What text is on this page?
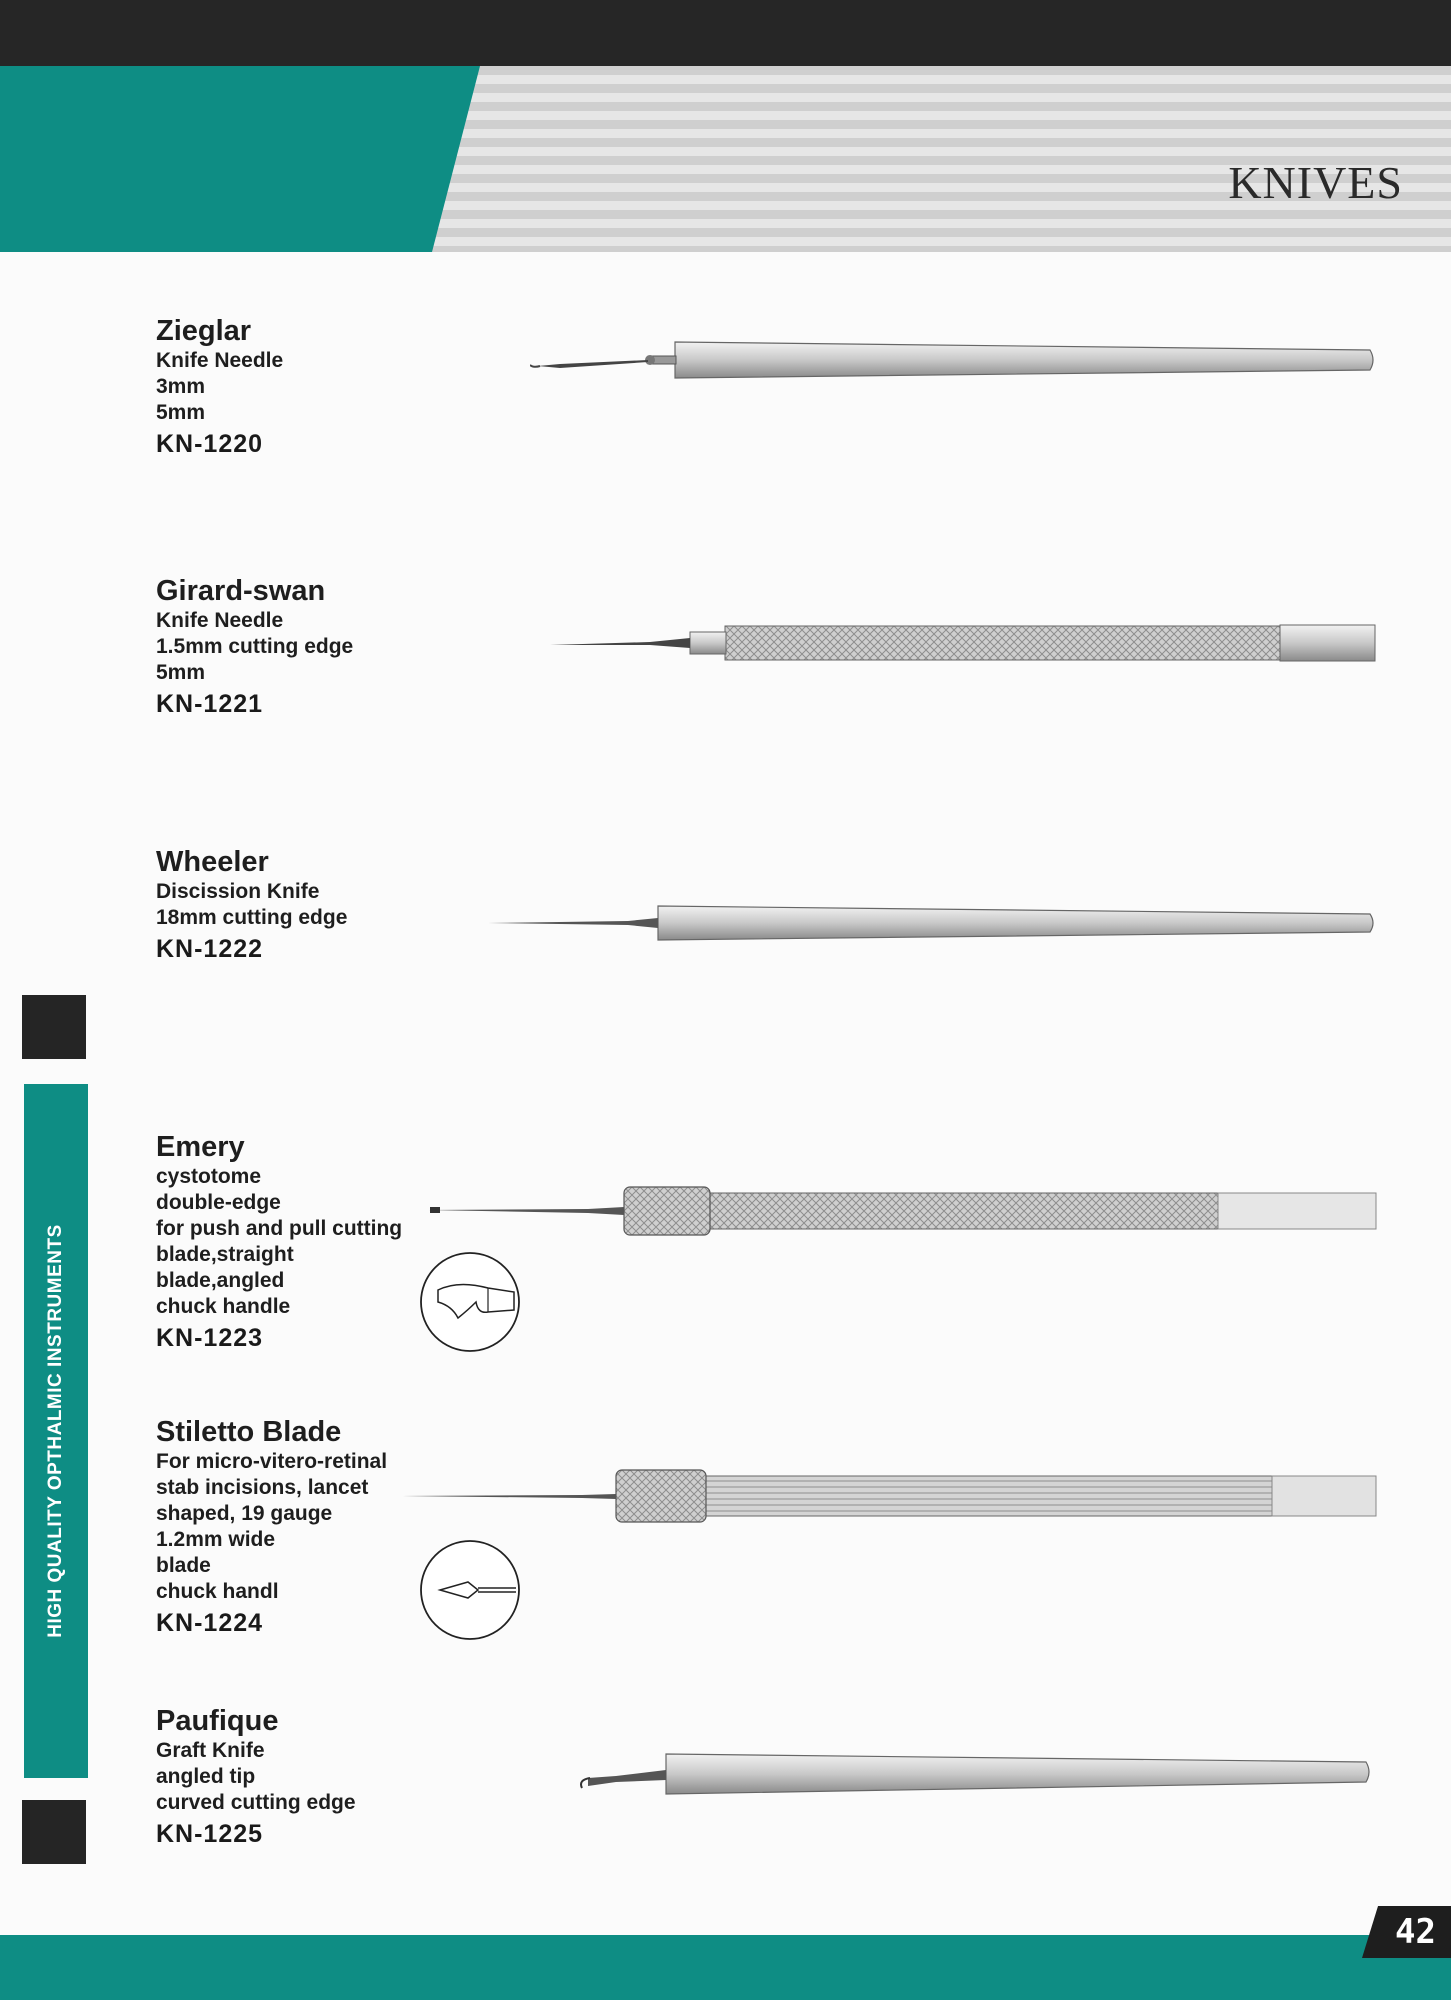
KNIVES
HIGH QUALITY OPTHALMIC INSTRUMENTS
Zieglar
Knife Needle
3mm
5mm
KN-1220
Girard-swan
Knife Needle
1.5mm cutting edge
5mm
KN-1221
Wheeler
Discission Knife
18mm cutting edge
KN-1222
Emery
cystotome
double-edge
for push and pull cutting
blade,straight
blade,angled
chuck handle
KN-1223
Stiletto Blade
For micro-vitero-retinal
stab incisions, lancet
shaped, 19 gauge
1.2mm wide
blade
chuck handl
KN-1224
Paufique
Graft Knife
angled tip
curved cutting edge
KN-1225
42
